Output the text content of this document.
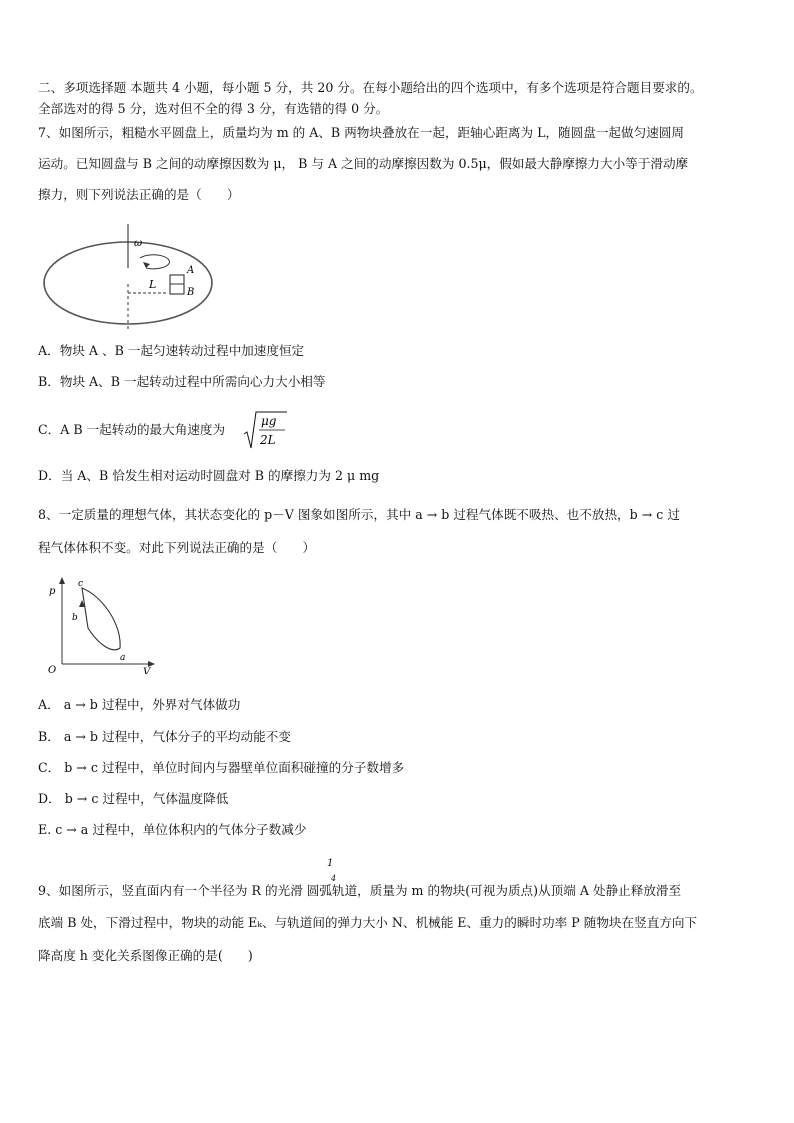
二、多项选择题 本题共 4 小题，每小题 5 分，共 20 分。在每小题给出的四个选项中，有多个选项是符合题目要求的。
全部选对的得 5 分，选对但不全的得 3 分，有选错的得 0 分。
7、如图所示，粗糙水平圆盘上，质量均为 m 的 A、B 两物块叠放在一起，距轴心距离为 L，随圆盘一起做匀速圆周
运动。已知圆盘与 B 之间的动摩擦因数为 μ， B 与 A 之间的动摩擦因数为 0.5μ，假如最大静摩擦力大小等于滑动摩
擦力，则下列说法正确的是（　　）
ω
L
A
B
A．物块 A 、B 一起匀速转动过程中加速度恒定
B．物块 A、B 一起转动过程中所需向心力大小相等
C．A B 一起转动的最大角速度为
μg
2L
D．当 A、B 恰发生相对运动时圆盘对 B 的摩擦力为 2 μ mg
8、一定质量的理想气体，其状态变化的 p－V 图象如图所示，其中 a → b 过程气体既不吸热、也不放热，b → c 过
程气体体积不变。对此下列说法正确的是（　　）
p
V
O
c
b
a
A． a → b 过程中，外界对气体做功
B． a → b 过程中，气体分子的平均动能不变
C． b → c 过程中，单位时间内与器壁单位面积碰撞的分子数增多
D． b → c 过程中，气体温度降低
E. c → a 过程中，单位体积内的气体分子数减少
1
4
9、如图所示，竖直面内有一个半径为 R 的光滑 圆弧轨道，质量为 m 的物块(可视为质点)从顶端 A 处静止释放滑至
底端 B 处，下滑过程中，物块的动能 Eₖ、与轨道间的弹力大小 N、机械能 E、重力的瞬时功率 P 随物块在竖直方向下
降高度 h 变化关系图像正确的是(　　)
